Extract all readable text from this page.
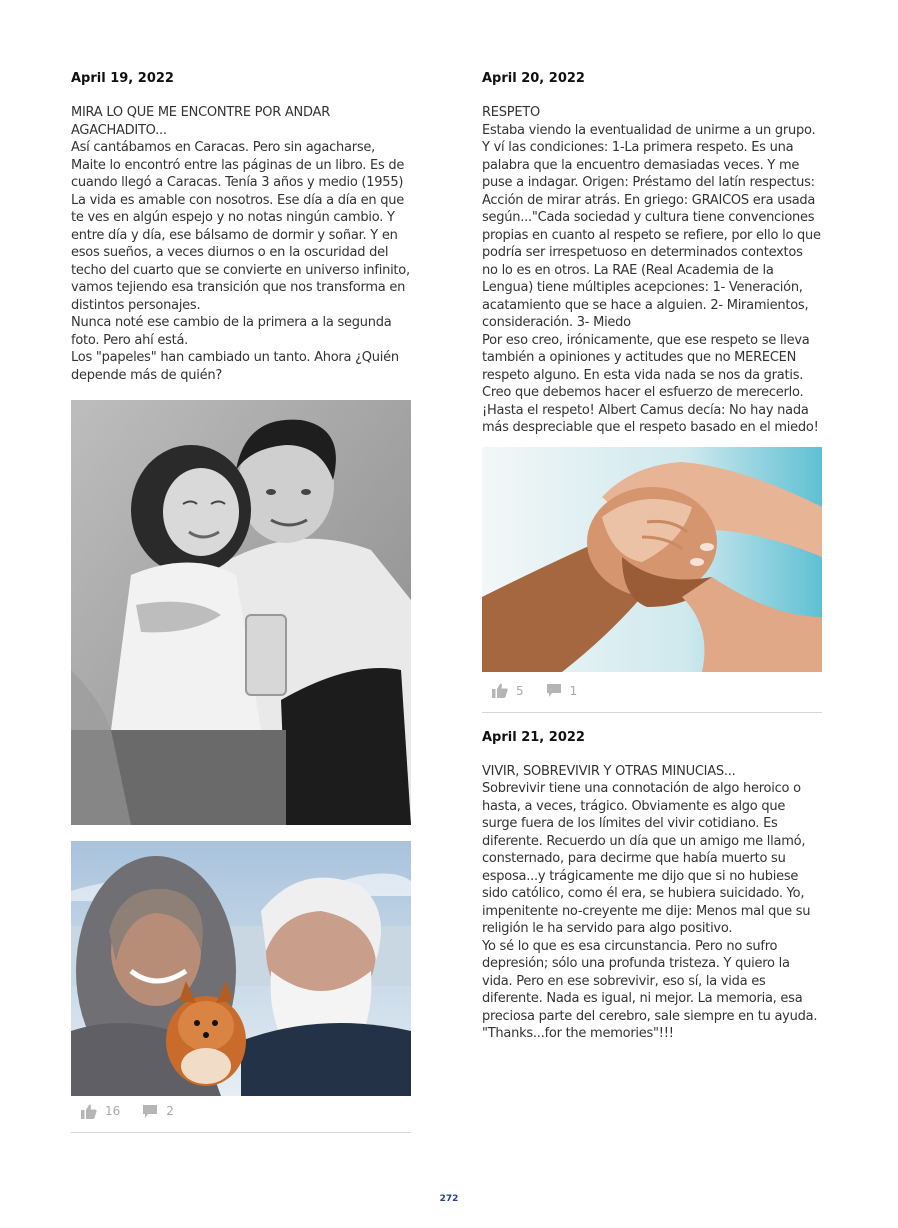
April 19, 2022

MIRA LO QUE ME ENCONTRE POR ANDAR AGACHADITO...

Así cantábamos en Caracas. Pero sin agacharse, Maite lo encontró entre las páginas de un libro. Es de cuando llegó a Caracas. Tenía 3 años y medio (1955)

La vida es amable con nosotros. Ese día a día en que te ves en algún espejo y no notas ningún cambio. Y entre día y día, ese bálsamo de dormir y soñar. Y en esos sueños, a veces diurnos o en la oscuridad del techo del cuarto que se convierte en universo infinito, vamos tejiendo esa transición que nos transforma en distintos personajes.

Nunca noté ese cambio de la primera a la segunda foto. Pero ahí está.

Los "papeles" han cambiado un tanto. Ahora ¿Quién depende más de quién?

16	2
April 20, 2022

RESPETO

Estaba viendo la eventualidad de unirme a un grupo. Y ví las condiciones: 1-La primera respeto. Es una palabra que la encuentro demasiadas veces. Y me puse a indagar. Origen: Préstamo del latín respectus: Acción de mirar atrás. En griego: GRAICOS era usada según..."Cada sociedad y cultura tiene convenciones propias en cuanto al respeto se refiere, por ello lo que podría ser irrespetuoso en determinados contextos no lo es en otros. La RAE (Real Academia de la Lengua) tiene múltiples acepciones: 1- Veneración, acatamiento que se hace a alguien. 2- Miramientos, consideración. 3- Miedo

Por eso creo, irónicamente, que ese respeto se lleva también a opiniones y actitudes que no MERECEN respeto alguno. En esta vida nada se nos da gratis. Creo que debemos hacer el esfuerzo de merecerlo. ¡Hasta el respeto! Albert Camus decía: No hay nada más despreciable que el respeto basado en el miedo!

5	1
April 21, 2022

VIVIR, SOBREVIVIR Y OTRAS MINUCIAS...

Sobrevivir tiene una connotación de algo heroico o hasta, a veces, trágico. Obviamente es algo que surge fuera de los límites del vivir cotidiano. Es diferente. Recuerdo un día que un amigo me llamó, consternado, para decirme que había muerto su esposa...y trágicamente me dijo que si no hubiese sido católico, como él era, se hubiera suicidado. Yo, impenitente no-creyente me dije: Menos mal que su religión le ha servido para algo positivo.

Yo sé lo que es esa circunstancia. Pero no sufro depresión; sólo una profunda tristeza. Y quiero la vida. Pero en ese sobrevivir, eso sí, la vida es diferente. Nada es igual, ni mejor. La memoria, esa preciosa parte del cerebro, sale siempre en tu ayuda. "Thanks...for the memories"!!!

272
